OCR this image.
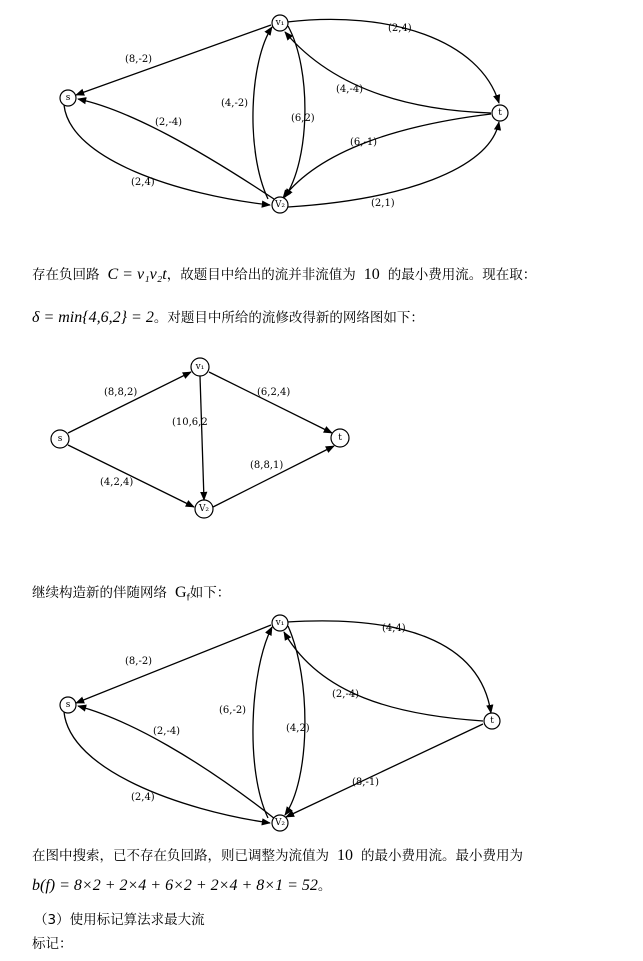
s
v₁
V₂
t
(8,-2)
(2,4)
(4,-4)
(4,-2)
(6,2)
(2,-4)
(2,4)
(6,-1)
(2,1)
存在负回路 C = v₁v₂t，故题目中给出的流并非流值为 10 的最小费用流。现在取：
δ = min{4,6,2} = 2。对题目中所给的流修改得新的网络图如下：
s
v₁
V₂
t
(8,8,2)	(6,2,4)
(10,6,2
(4,2,4)
(8,8,1)
继续构造新的伴随网络 $G_f$如下：
s
v₁
V₂
t
(8,-2)
(4,4)
(2,-4)
(6,-2)
(4,2)
(2,-4)
(2,4)
(8,-1)
在图中搜索，已不存在负回路，则已调整为流值为 10 的最小费用流。最小费用为
b(f) = 8×2 + 2×4 + 6×2 + 2×4 + 8×1 = 52。
（3）使用标记算法求最大流
标记：
